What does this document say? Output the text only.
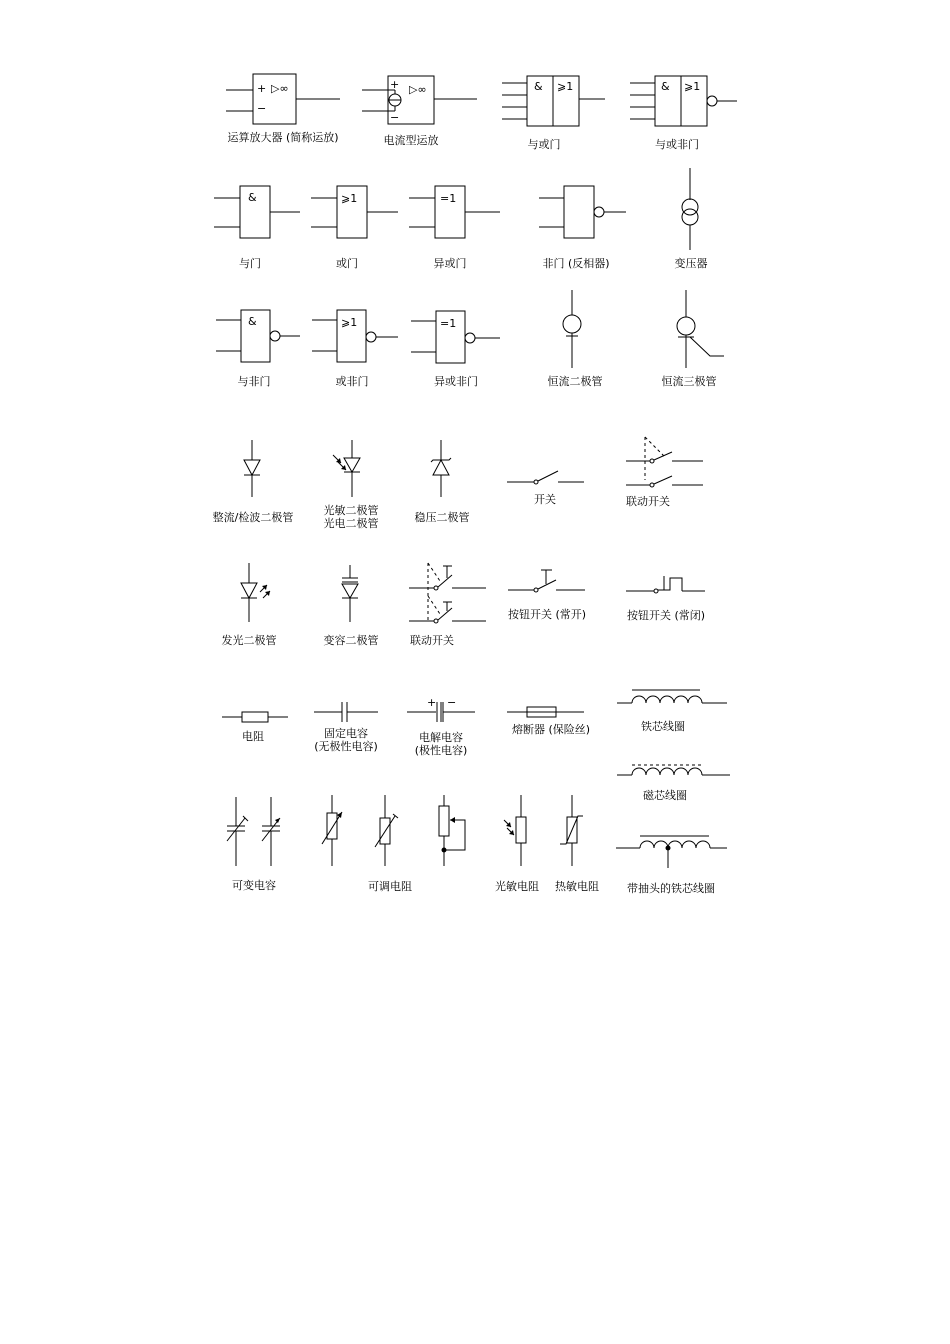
+
−
▷∞
运算放大器 (简称运放)
+
−
▷∞
电流型运放
& ⩾1
与或门
& ⩾1
与或非门
&
与门
⩾1
或门
=1
异或门	非门 (反相器)	变压器
&
与非门
⩾1
或非门
=1
异或非门	恒流二极管	恒流三极管
整流/检波二极管
光敏二极管
光电二极管	稳压二极管
开关	联动开关
发光二极管	变容二极管	联动开关
按钮开关 (常开)	按钮开关 (常闭)
电阻	固定电容
(无极性电容)
+ −
电解电容
(极性电容)
熔断器 (保险丝)	铁芯线圈
磁芯线圈
可变电容	可调电阻	光敏电阻 热敏电阻	带抽头的铁芯线圈
